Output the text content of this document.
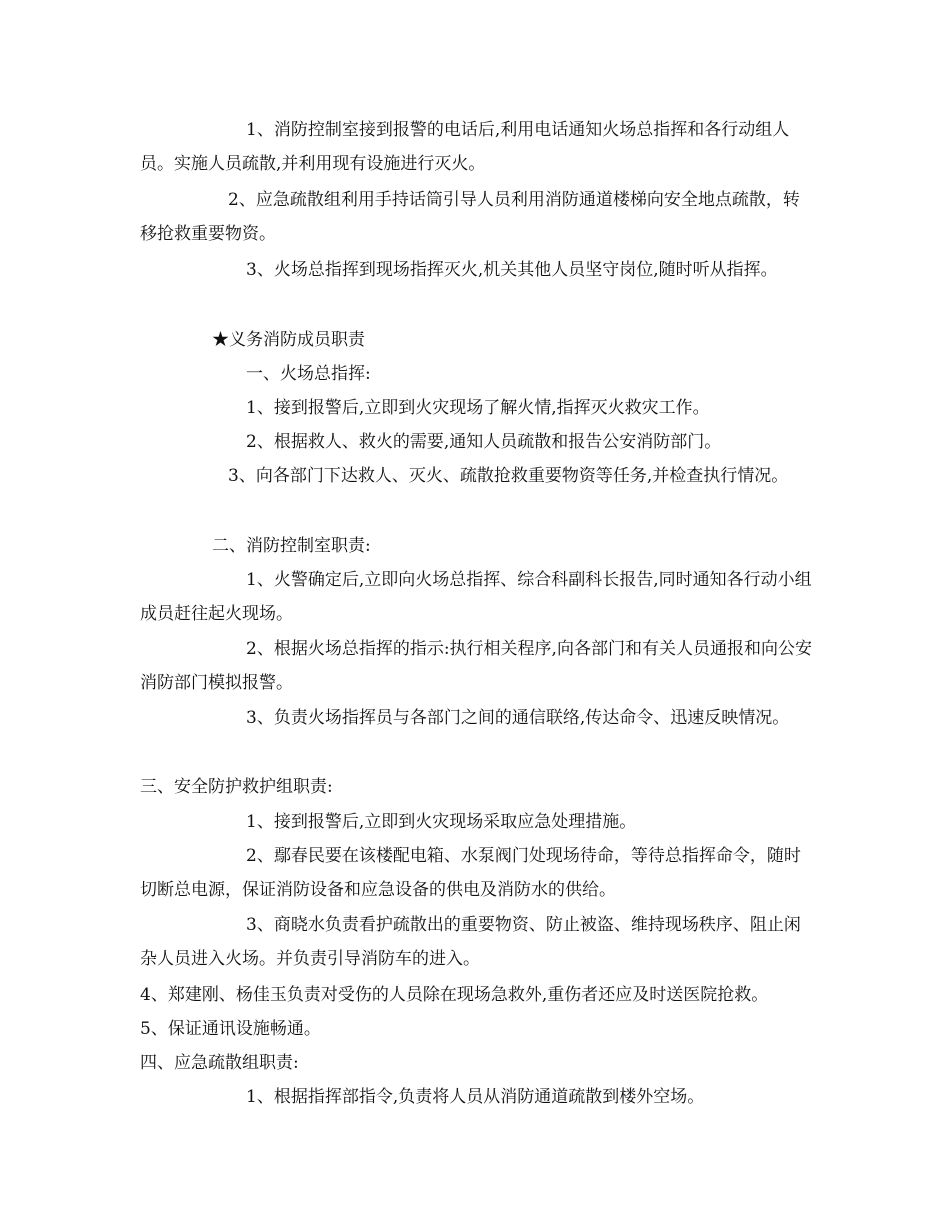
1、消防控制室接到报警的电话后,利用电话通知火场总指挥和各行动组人员。实施人员疏散,并利用现有设施进行灭火。

2、应急疏散组利用手持话筒引导人员利用消防通道楼梯向安全地点疏散，转移抢救重要物资。

3、火场总指挥到现场指挥灭火,机关其他人员坚守岗位,随时听从指挥。

★义务消防成员职责

一、火场总指挥:

1、接到报警后,立即到火灾现场了解火情,指挥灭火救灾工作。

2、根据救人、救火的需要,通知人员疏散和报告公安消防部门。

3、向各部门下达救人、灭火、疏散抢救重要物资等任务,并检查执行情况。

二、消防控制室职责:

1、火警确定后,立即向火场总指挥、综合科副科长报告,同时通知各行动小组成员赶往起火现场。

2、根据火场总指挥的指示:执行相关程序,向各部门和有关人员通报和向公安消防部门模拟报警。

3、负责火场指挥员与各部门之间的通信联络,传达命令、迅速反映情况。

三、安全防护救护组职责:

1、接到报警后,立即到火灾现场采取应急处理措施。

2、鄢春民要在该楼配电箱、水泵阀门处现场待命，等待总指挥命令，随时切断总电源，保证消防设备和应急设备的供电及消防水的供给。

3、商晓水负责看护疏散出的重要物资、防止被盗、维持现场秩序、阻止闲杂人员进入火场。并负责引导消防车的进入。

4、郑建刚、杨佳玉负责对受伤的人员除在现场急救外,重伤者还应及时送医院抢救。

5、保证通讯设施畅通。

四、应急疏散组职责:

1、根据指挥部指令,负责将人员从消防通道疏散到楼外空场。
